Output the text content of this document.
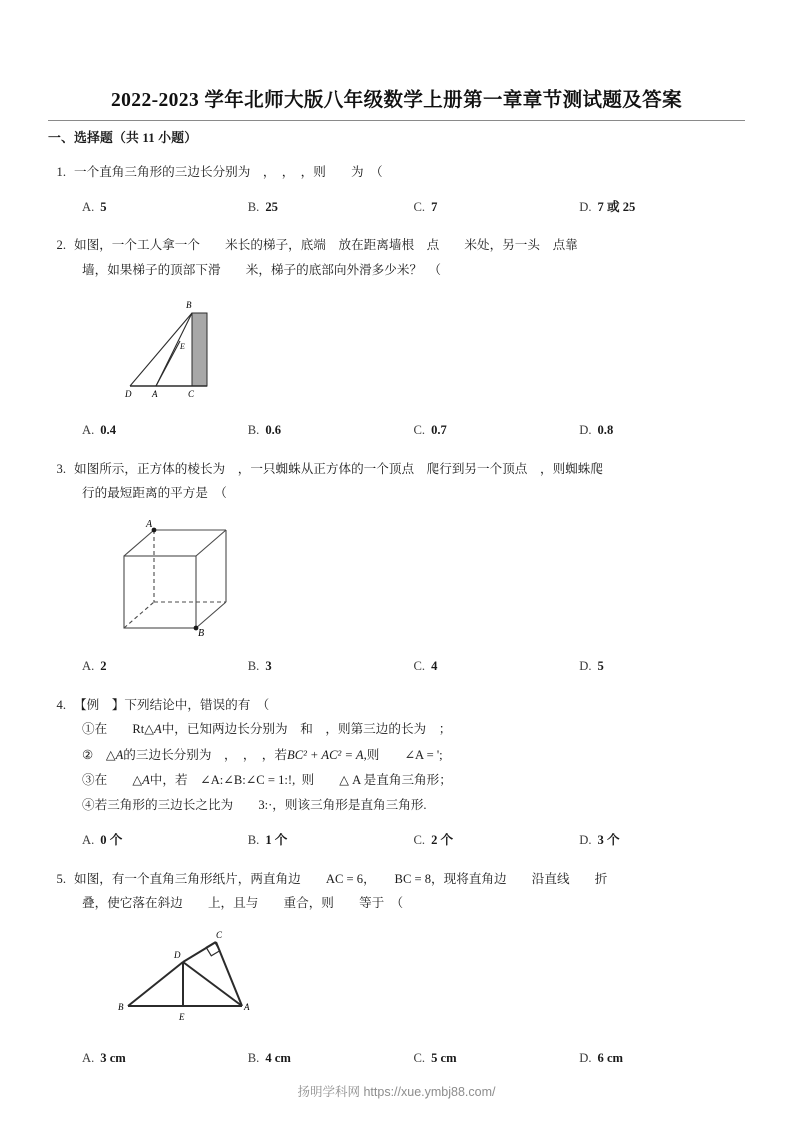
2022-2023 学年北师大版八年级数学上册第一章章节测试题及答案
一、选择题（共 11 小题）
1. 一个直角三角形的三边长分别为　，　，　，则　　为　（
A. 5	B. 25	C. 7	D. 7 或 25
2. 如图，一个工人拿一个　　米长的梯子，底端　放在距离墙根　点　　米处，另一头　点靠
墙，如果梯子的顶部下滑　　米，梯子的底部向外滑多少米？　（
B
E
D A	C
A. 0.4	B. 0.6	C. 0.7	D. 0.8
3. 如图所示，正方体的棱长为　，一只蜘蛛从正方体的一个顶点　爬行到另一个顶点　，则蜘蛛爬
行的最短距离的平方是　（
A
B
A. 2	B. 3	C. 4	D. 5
4. 【例　】下列结论中，错误的有　（
①在　　Rt△A中，已知两边长分别为　和　，则第三边的长为　；
②　 △A的三边长分别为　，　，　，若BC² + AC² = A,则　　∠A = ';
③在　　△A中，若　∠A:∠B:∠C = 1:!,  则　　△ A 是直角三角形；
④若三角形的三边长之比为　　3:·，则该三角形是直角三角形.
A. 0 个	B. 1 个	C. 2 个	D. 3 个
5. 如图，有一个直角三角形纸片，两直角边　　AC = 6，　　BC = 8，现将直角边　　沿直线　　折
叠，使它落在斜边　　上，且与　　重合，则　　等于　（
C
D
B
E
A
A. 3 cm	B. 4 cm	C. 5 cm	D. 6 cm
扬明学科网 https://xue.ymbj88.com/
